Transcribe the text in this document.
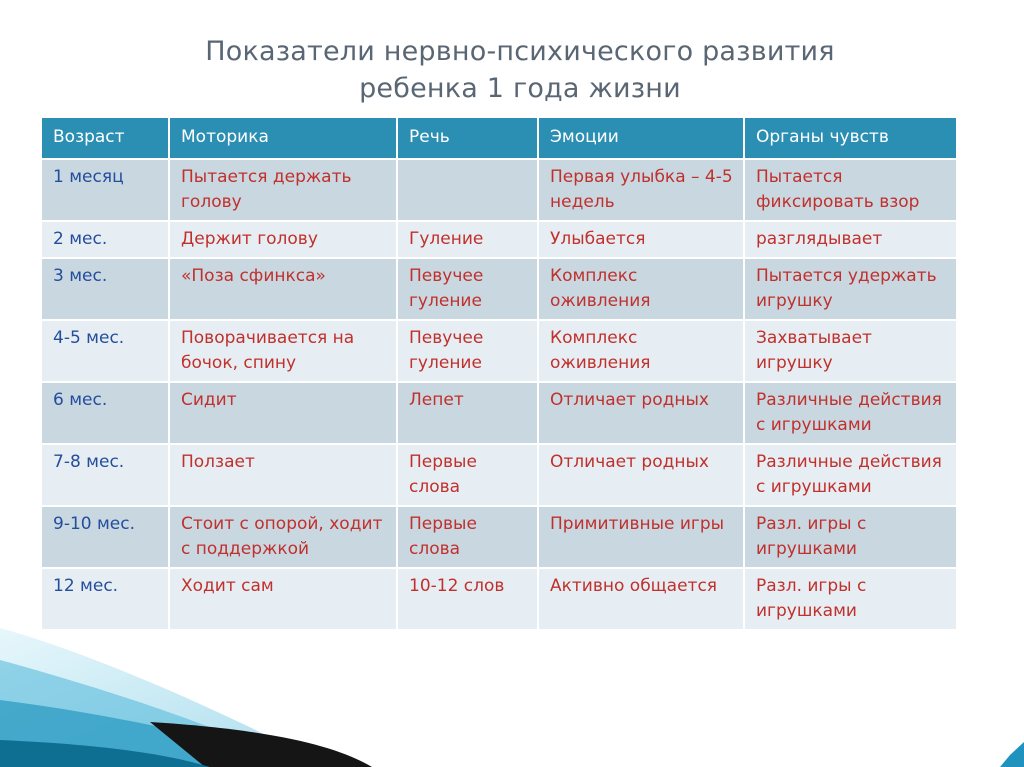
Показатели нервно-психического развития
ребенка 1 года жизни
Возраст	Моторика	Речь	Эмоции	Органы чувств
1 месяц	Пытается держать голову		Первая улыбка – 4-5 недель	Пытается фиксировать взор
2 мес.	Держит голову	Гуление	Улыбается	разглядывает
3 мес.	«Поза сфинкса»	Певучее гуление	Комплекс оживления	Пытается удержать игрушку
4-5 мес.	Поворачивается на бочок, спину	Певучее гуление	Комплекс оживления	Захватывает игрушку
6 мес.	Сидит	Лепет	Отличает родных	Различные действия с игрушками
7-8 мес.	Ползает	Первые слова	Отличает родных	Различные действия с игрушками
9-10 мес.	Стоит с опорой, ходит с поддержкой	Первые слова	Примитивные игры	Разл. игры с игрушками
12 мес.	Ходит сам	10-12 слов	Активно общается	Разл. игры с игрушками
